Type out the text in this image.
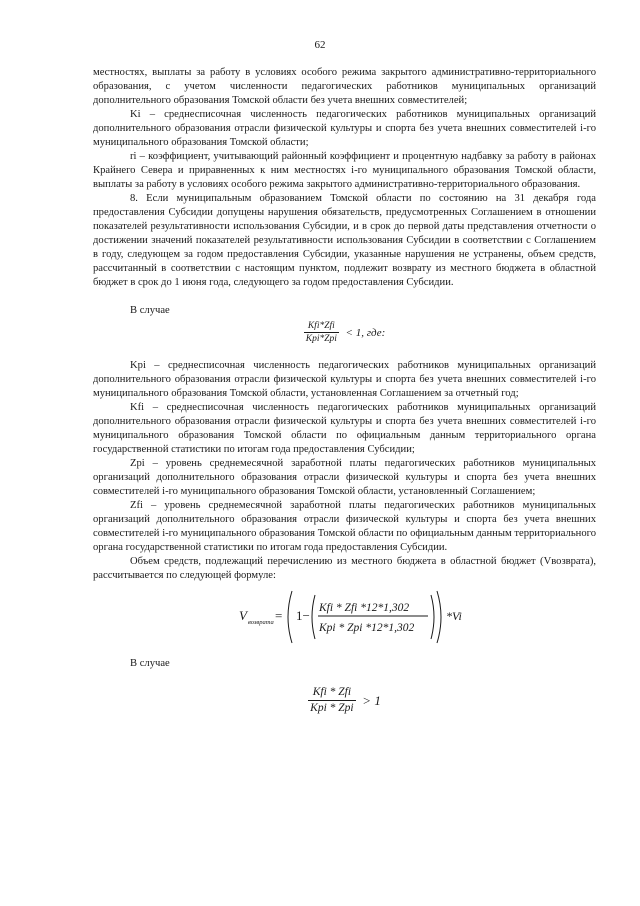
62

местностях, выплаты за работу в условиях особого режима закрытого административно-территориального образования, с учетом численности педагогических работников муниципальных организаций дополнительного образования Томской области без учета внешних совместителей;

Ki – среднесписочная численность педагогических работников муниципальных организаций дополнительного образования отрасли физической культуры и спорта без учета внешних совместителей i-го муниципального образования Томской области;

ri – коэффициент, учитывающий районный коэффициент и процентную надбавку за работу в районах Крайнего Севера и приравненных к ним местностях i-го муниципального образования Томской области, выплаты за работу в условиях особого режима закрытого административно-территориального образования.

8. Если муниципальным образованием Томской области по состоянию на 31 декабря года предоставления Субсидии допущены нарушения обязательств, предусмотренных Соглашением в отношении показателей результативности использования Субсидии, и в срок до первой даты представления отчетности о достижении значений показателей результативности использования Субсидии в соответствии с Соглашением в году, следующем за годом предоставления Субсидии, указанные нарушения не устранены, объем средств, рассчитанный в соответствии с настоящим пунктом, подлежит возврату из местного бюджета в областной бюджет в срок до 1 июня года, следующего за годом предоставления Субсидии.

В случае

$\frac{\text{Kfi*Zfi}}{\text{Kpi*Zpi}} < 1$, где:

Kpi – среднесписочная численность педагогических работников муниципальных организаций дополнительного образования отрасли физической культуры и спорта без учета внешних совместителей i-го муниципального образования Томской области, установленная Соглашением за отчетный год;

Kfi – среднесписочная численность педагогических работников муниципальных организаций дополнительного образования отрасли физической культуры и спорта без учета внешних совместителей i-го муниципального образования Томской области по официальным данным территориального органа государственной статистики по итогам года предоставления Субсидии;

Zpi – уровень среднемесячной заработной платы педагогических работников муниципальных организаций дополнительного образования отрасли физической культуры и спорта без учета внешних совместителей i-го муниципального образования Томской области, установленный Соглашением;

Zfi – уровень среднемесячной заработной платы педагогических работников муниципальных организаций дополнительного образования отрасли физической культуры и спорта без учета внешних совместителей i-го муниципального образования Томской области по официальным данным территориального органа государственной статистики по итогам года предоставления Субсидии.

Объем средств, подлежащий перечислению из местного бюджета в областной бюджет (Vвозврата), рассчитывается по следующей формуле:

V возврата = 1− Kfi * Zfi *12*1,302
Kpi * Zpi *12*1,302
*Vi

В случае

$\frac{\text{Kfi * Zfi}}{\text{Kpi * Zpi}} > 1$
